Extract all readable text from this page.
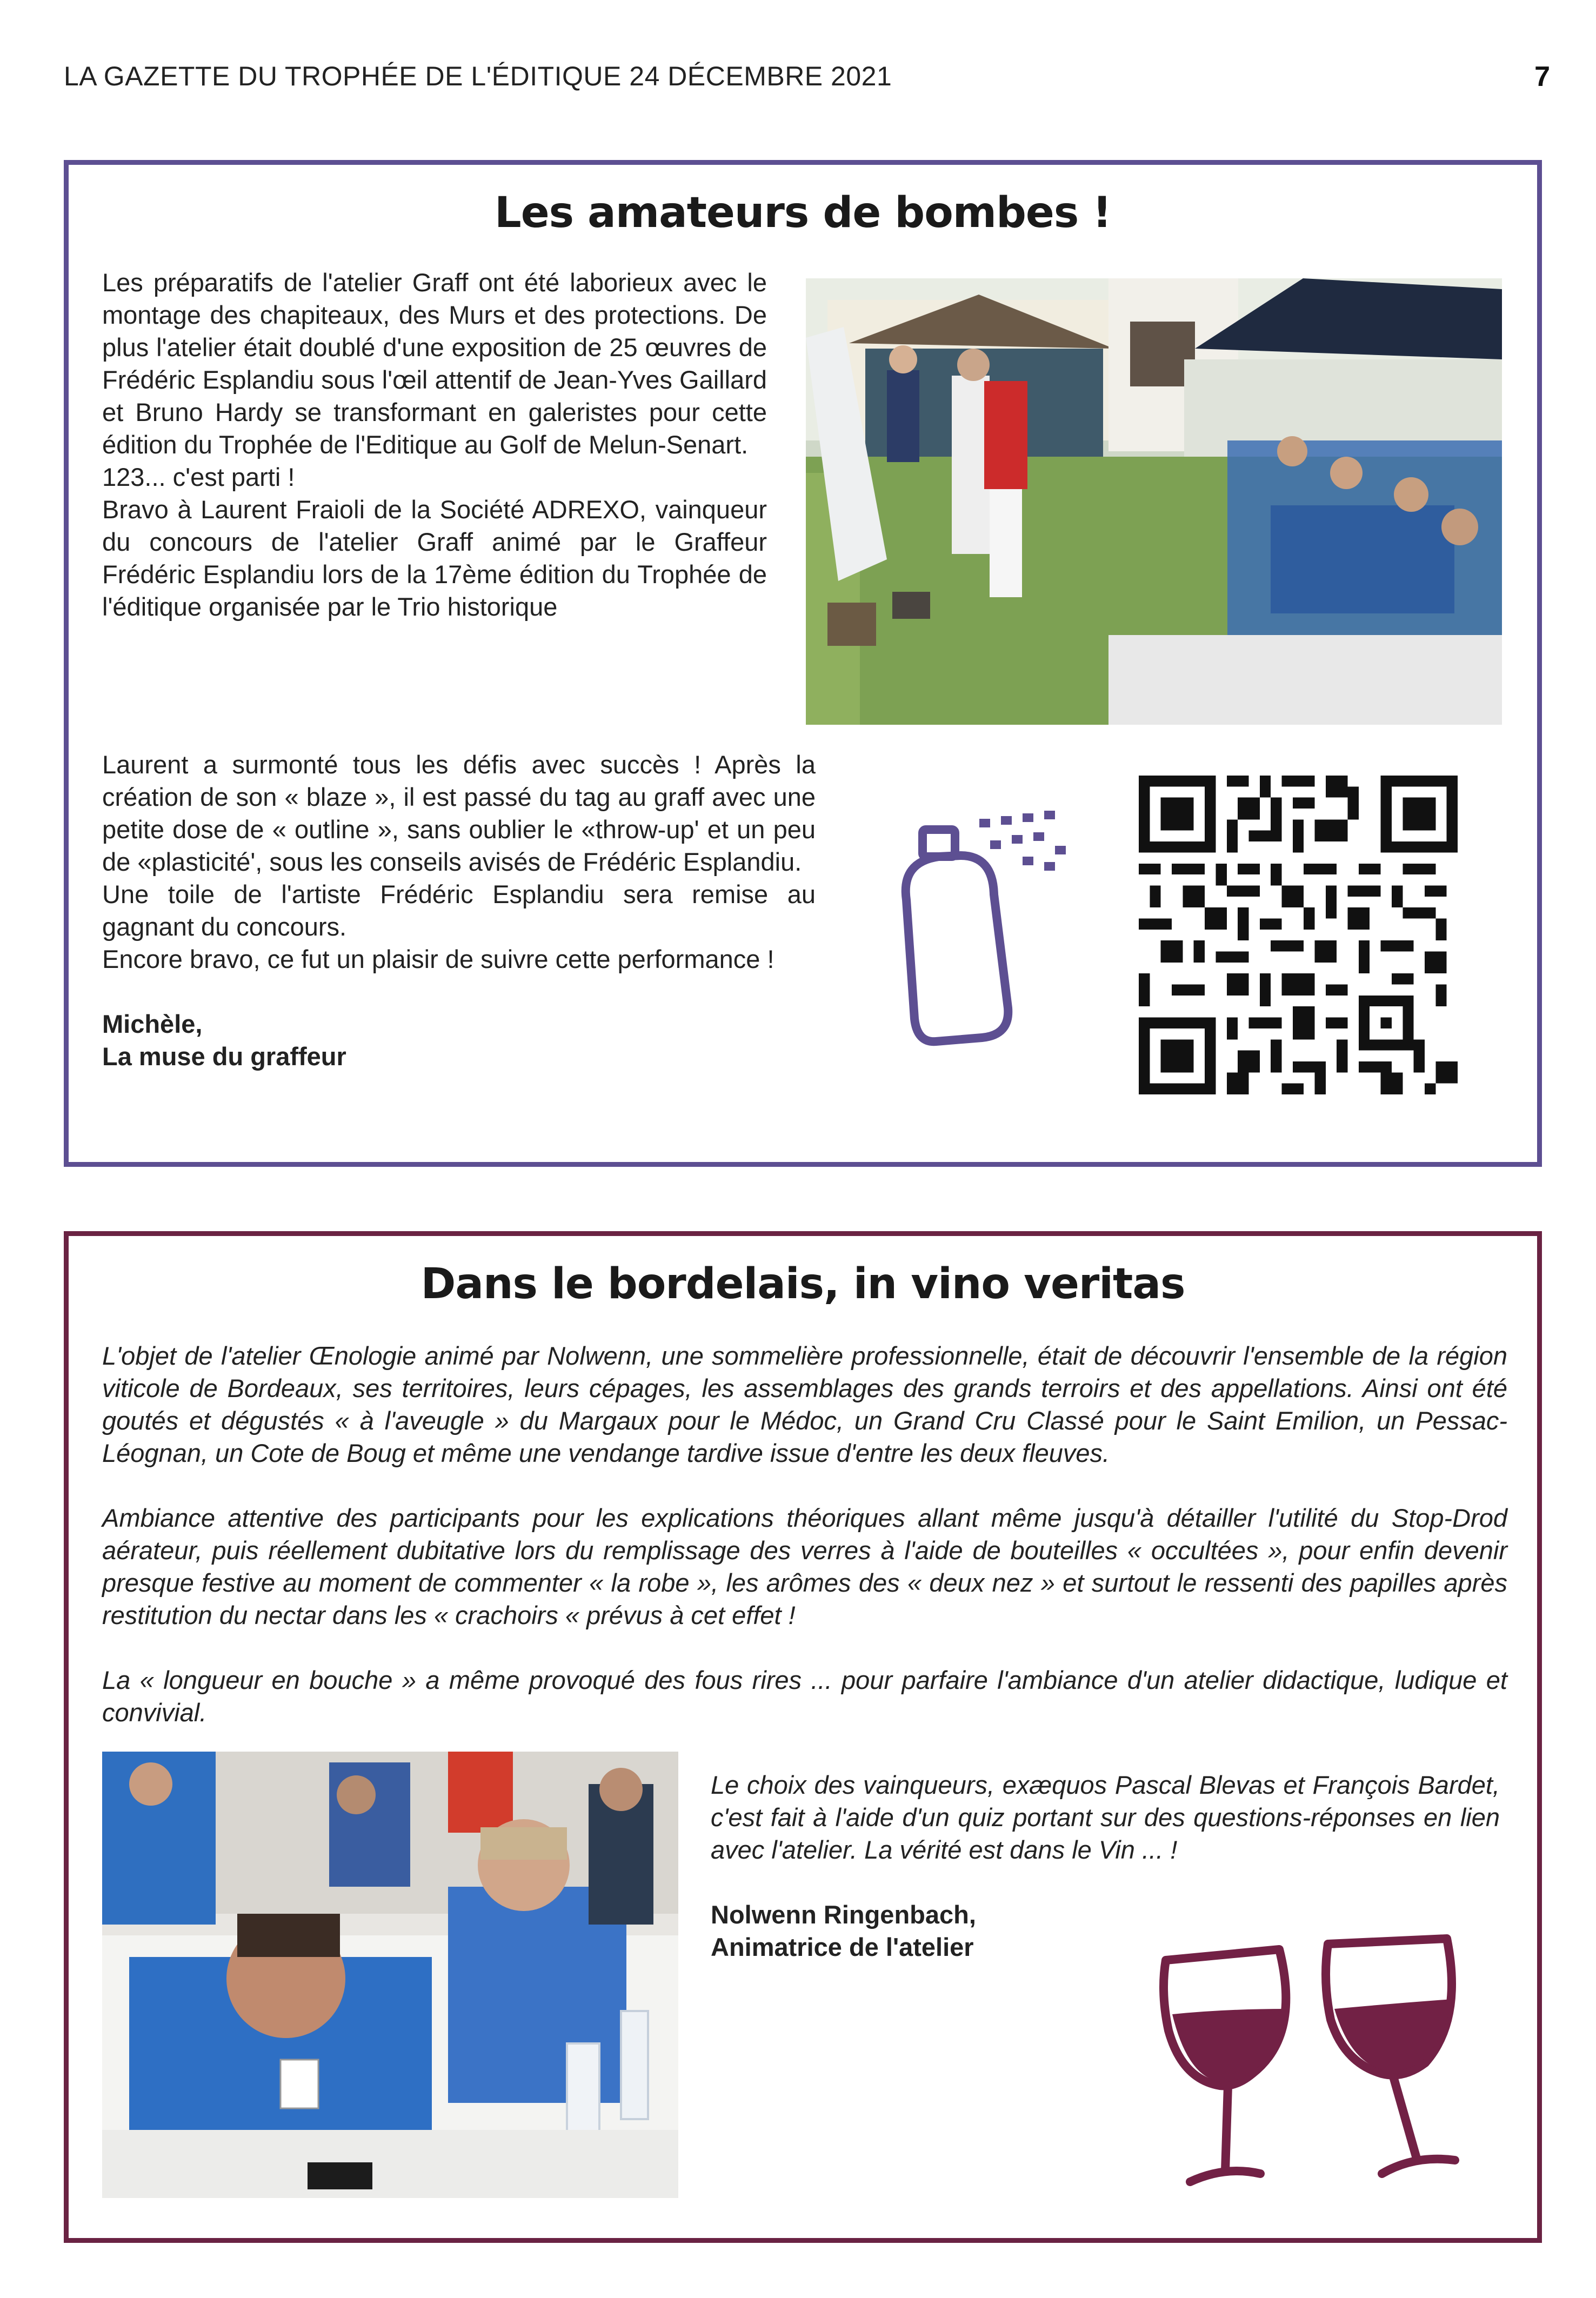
LA GAZETTE DU TROPHÉE DE L'ÉDITIQUE 24 DÉCEMBRE 2021	7
Les amateurs de bombes !

Les préparatifs de l'atelier Graff ont été laborieux avec le montage des chapiteaux, des Murs et des protections. De plus l'atelier était doublé d'une exposition de 25 œuvres de Frédéric Esplandiu sous l'œil attentif de Jean-Yves Gaillard et Bruno Hardy se transformant en galeristes pour cette édition du Trophée de l'Editique au Golf de Melun-Senart.

123... c'est parti !

Bravo à Laurent Fraioli de la Société ADREXO, vainqueur du concours de l'atelier Graff animé par le Graffeur Frédéric Esplandiu lors de la 17ème édition du Trophée de l'éditique organisée par le Trio historique

Laurent a surmonté tous les défis avec succès ! Après la création de son « blaze », il est passé du tag au graff avec une petite dose de « outline », sans oublier le «throw-up' et un peu de «plasticité', sous les conseils avisés de Frédéric Esplandiu.

Une toile de l'artiste Frédéric Esplandiu sera remise au gagnant du concours.

Encore bravo, ce fut un plaisir de suivre cette performance !

Michèle,

La muse du graffeur

Dans le bordelais, in vino veritas

L'objet de l'atelier Œnologie animé par Nolwenn, une sommelière professionnelle, était de découvrir l'ensemble de la région viticole de Bordeaux, ses territoires, leurs cépages, les assemblages des grands terroirs et des appellations. Ainsi ont été goutés et dégustés « à l'aveugle » du Margaux pour le Médoc, un Grand Cru Classé pour le Saint Emilion, un Pessac-Léognan, un Cote de Boug et même une vendange tardive issue d'entre les deux fleuves.

Ambiance attentive des participants pour les explications théoriques allant même jusqu'à détailler l'utilité du Stop-Drod aérateur, puis réellement dubitative lors du remplissage des verres à l'aide de bouteilles « occultées », pour enfin devenir presque festive au moment de commenter « la robe », les arômes des « deux nez » et surtout le ressenti des papilles après restitution du nectar dans les « crachoirs « prévus à cet effet !

La « longueur en bouche » a même provoqué des fous rires ... pour parfaire l'ambiance d'un atelier didactique, ludique et convivial.

Le choix des vainqueurs, exæquos Pascal Blevas et François Bardet, c'est fait à l'aide d'un quiz portant sur des questions-réponses en lien avec l'atelier. La vérité est dans le Vin ... !

Nolwenn Ringenbach,

Animatrice de l'atelier
